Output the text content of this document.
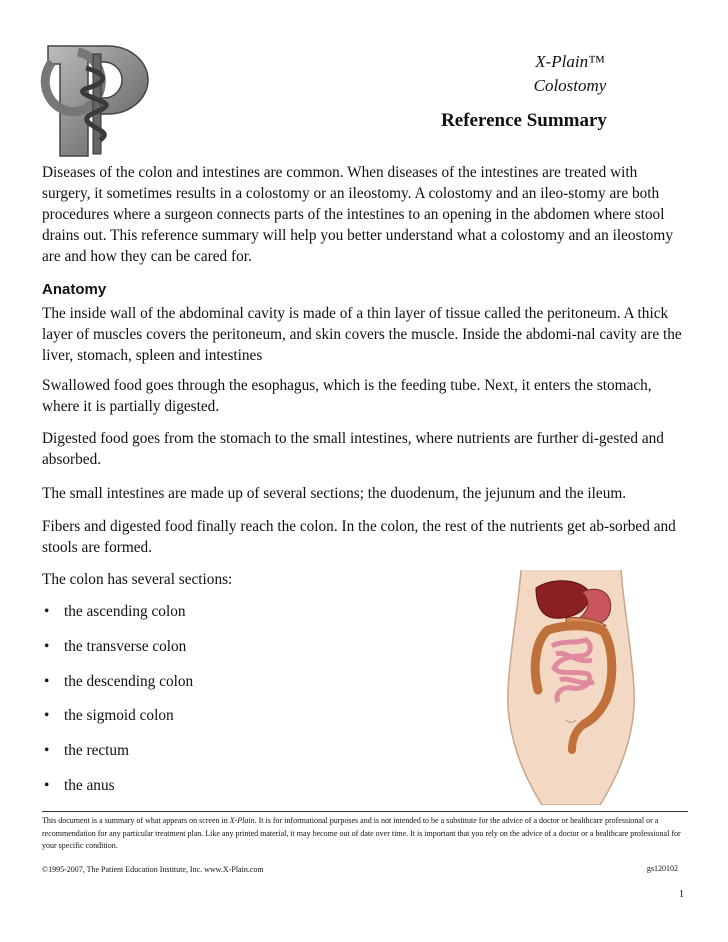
X-Plain™
Colostomy
Reference Summary

Diseases of the colon and intestines are common. When diseases of the intestines are treated with surgery, it sometimes results in a colostomy or an ileostomy. A colostomy and an ileo-stomy are both procedures where a surgeon connects parts of the intestines to an opening in the abdomen where stool drains out. This reference summary will help you better understand what a colostomy and an ileostomy are and how they can be cared for.

Anatomy

The inside wall of the abdominal cavity is made of a thin layer of tissue called the peritoneum. A thick layer of muscles covers the peritoneum, and skin covers the muscle. Inside the abdomi-nal cavity are the liver, stomach, spleen and intestines

Swallowed food goes through the esophagus, which is the feeding tube. Next, it enters the stomach, where it is partially digested.

Digested food goes from the stomach to the small intestines, where nutrients are further di-gested and absorbed.

The small intestines are made up of several sections; the duodenum, the jejunum and the ileum.

Fibers and digested food finally reach the colon. In the colon, the rest of the nutrients get ab-sorbed and stools are formed.

The colon has several sections:

• the ascending colon
• the transverse colon
• the descending colon
• the sigmoid colon
• the rectum
• the anus
This document is a summary of what appears on screen in X-Plain. It is for informational purposes and is not intended to be a substitute for the advice of a doctor or healthcare professional or a recommendation for any particular treatment plan. Like any printed material, it may become out of date over time. It is important that you rely on the advice of a doctor or a healthcare professional for your specific condition.
©1995-2007, The Patient Education Institute, Inc. www.X-Plain.com	gs120102
1
